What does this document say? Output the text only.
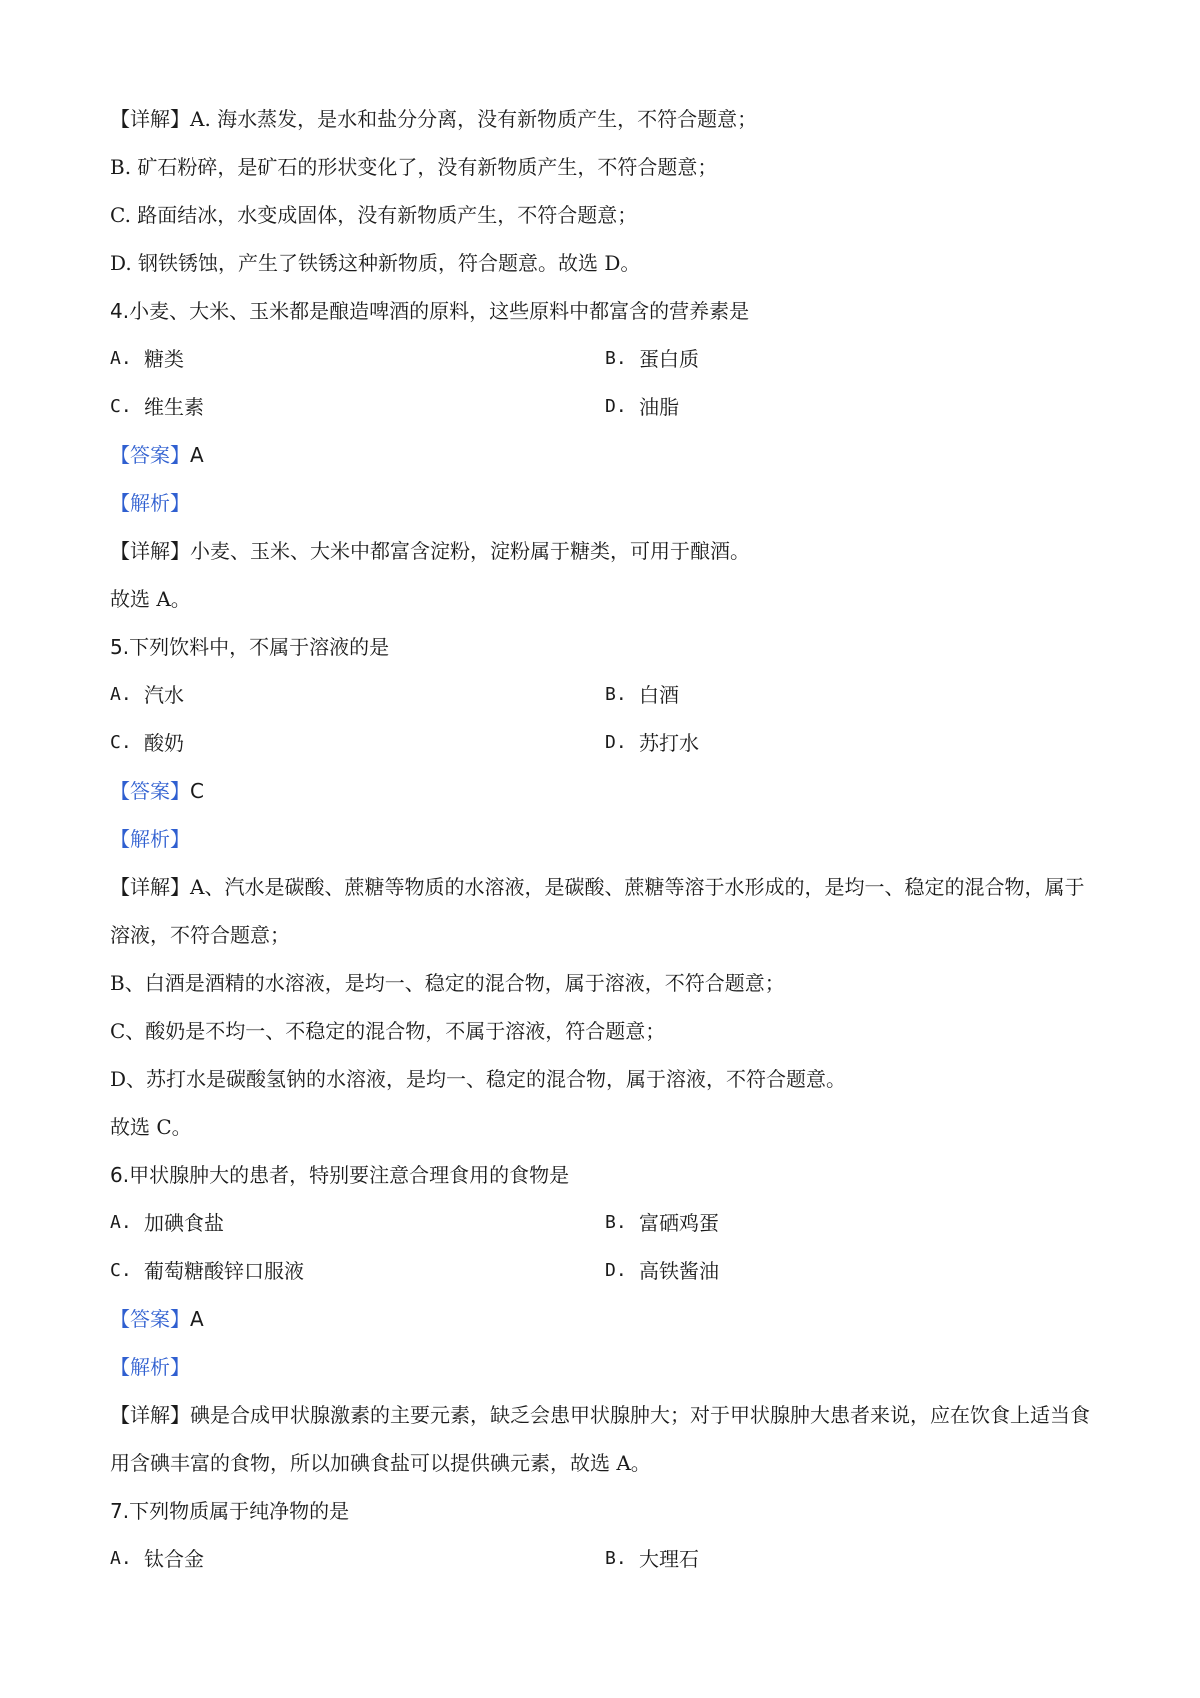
【详解】A. 海水蒸发，是水和盐分分离，没有新物质产生，不符合题意；
B. 矿石粉碎，是矿石的形状变化了，没有新物质产生，不符合题意；
C. 路面结冰，水变成固体，没有新物质产生，不符合题意；
D. 钢铁锈蚀，产生了铁锈这种新物质，符合题意。故选 D。
4.小麦、大米、玉米都是酿造啤酒的原料，这些原料中都富含的营养素是
A. 糖类	B. 蛋白质
C. 维生素	D. 油脂
【答案】A
【解析】
【详解】小麦、玉米、大米中都富含淀粉，淀粉属于糖类，可用于酿酒。
故选 A。
5.下列饮料中，不属于溶液的是
A. 汽水	B. 白酒
C. 酸奶	D. 苏打水
【答案】C
【解析】
【详解】A、汽水是碳酸、蔗糖等物质的水溶液，是碳酸、蔗糖等溶于水形成的，是均一、稳定的混合物，属于溶液，不符合题意；
B、白酒是酒精的水溶液，是均一、稳定的混合物，属于溶液，不符合题意；
C、酸奶是不均一、不稳定的混合物，不属于溶液，符合题意；
D、苏打水是碳酸氢钠的水溶液，是均一、稳定的混合物，属于溶液，不符合题意。
故选 C。
6.甲状腺肿大的患者，特别要注意合理食用的食物是
A. 加碘食盐	B. 富硒鸡蛋
C. 葡萄糖酸锌口服液	D. 高铁酱油
【答案】A
【解析】
【详解】碘是合成甲状腺激素的主要元素，缺乏会患甲状腺肿大；对于甲状腺肿大患者来说，应在饮食上适当食用含碘丰富的食物，所以加碘食盐可以提供碘元素，故选 A。
7.下列物质属于纯净物的是
A. 钛合金	B. 大理石
